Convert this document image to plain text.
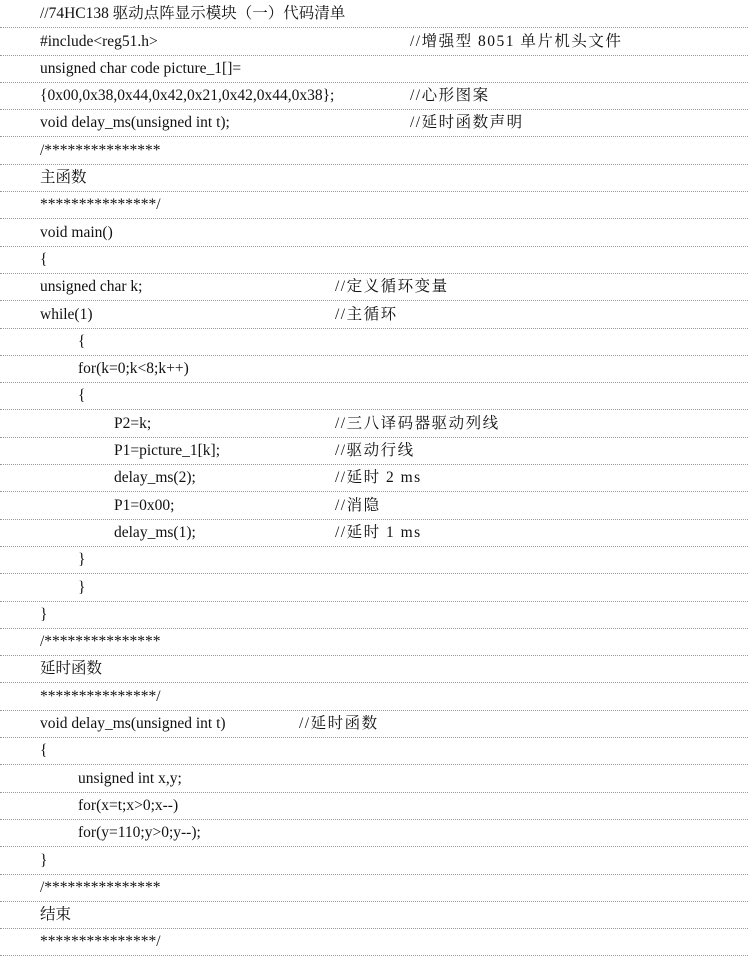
//74HC138 驱动点阵显示模块（一）代码清单
#include<reg51.h>	//增强型 8051 单片机头文件
unsigned char code picture_1[]=
{0x00,0x38,0x44,0x42,0x21,0x42,0x44,0x38};	//心形图案
void delay_ms(unsigned int t);	//延时函数声明
/***************
主函数
***************/
void main()
{
unsigned char k;	//定义循环变量
while(1)	//主循环
{
for(k=0;k<8;k++)
{
P2=k;	//三八译码器驱动列线
P1=picture_1[k];	//驱动行线
delay_ms(2);	//延时 2 ms
P1=0x00;	//消隐
delay_ms(1);	//延时 1 ms
}
}
}
/***************
延时函数
***************/
void delay_ms(unsigned int t)	//延时函数
{
unsigned int x,y;
for(x=t;x>0;x--)
for(y=110;y>0;y--);
}
/***************
结束
***************/
